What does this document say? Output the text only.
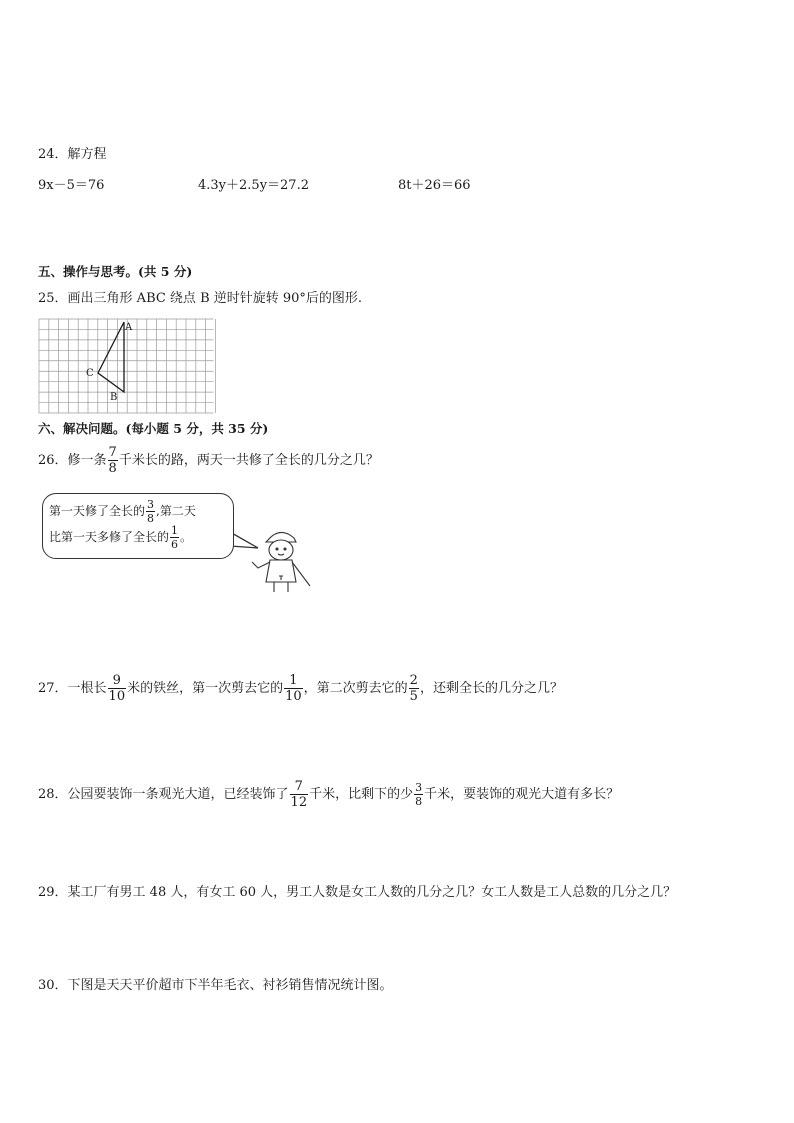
24．解方程
9x－5＝76	4.3y＋2.5y＝27.2	8t＋26＝66
五、操作与思考。(共 5 分)
25．画出三角形 ABC 绕点 B 逆时针旋转 90°后的图形.
A
B
C
六、解决问题。(每小题 5 分，共 35 分)
26．修一条 $\frac{7}{8}$ 千米长的路，两天一共修了全长的几分之几？
第一天修了全长的 $\frac{3}{8}$ ,第二天
比第一天多修了全长的 $\frac{1}{6}$ 。
27．一根长 $\frac{9}{10}$ 米的铁丝，第一次剪去它的 $\frac{1}{10}$ ，第二次剪去它的 $\frac{2}{5}$ ，还剩全长的几分之几？
28．公园要装饰一条观光大道，已经装饰了 $\frac{7}{12}$ 千米，比剩下的少 $\frac{3}{8}$ 千米，要装饰的观光大道有多长？
29．某工厂有男工 48 人，有女工 60 人，男工人数是女工人数的几分之几？女工人数是工人总数的几分之几？
30．下图是天天平价超市下半年毛衣、衬衫销售情况统计图。
